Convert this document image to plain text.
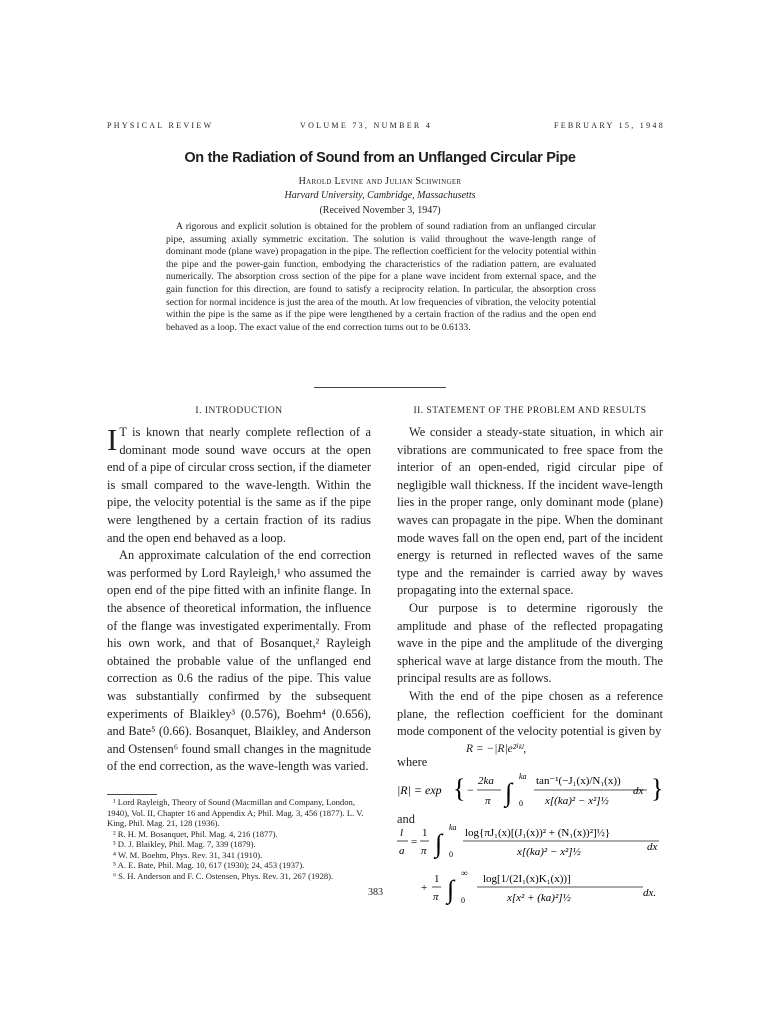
PHYSICAL REVIEW	VOLUME 73, NUMBER 4	FEBRUARY 15, 1948
On the Radiation of Sound from an Unflanged Circular Pipe
Harold Levine and Julian Schwinger
Harvard University, Cambridge, Massachusetts
(Received November 3, 1947)
A rigorous and explicit solution is obtained for the problem of sound radiation from an unflanged circular pipe, assuming axially symmetric excitation. The solution is valid throughout the wave-length range of dominant mode (plane wave) propagation in the pipe. The reflection coefficient for the velocity potential within the pipe and the power-gain function, embodying the characteristics of the radiation pattern, are evaluated numerically. The absorption cross section of the pipe for a plane wave incident from external space, and the gain function for this direction, are found to satisfy a reciprocity relation. In particular, the absorption cross section for normal incidence is just the area of the mouth. At low frequencies of vibration, the velocity potential within the pipe is the same as if the pipe were lengthened by a certain fraction of the radius and the open end behaved as a loop. The exact value of the end correction turns out to be 0.6133.
I. INTRODUCTION

I T is known that nearly complete reflection of a dominant mode sound wave occurs at the open end of a pipe of circular cross section, if the diameter is small compared to the wave-length. Within the pipe, the velocity potential is the same as if the pipe were lengthened by a certain fraction of its radius and the open end behaved as a loop.

An approximate calculation of the end correction was performed by Lord Rayleigh,¹ who assumed the open end of the pipe fitted with an infinite flange. In the absence of theoretical information, the influence of the flange was investigated experimentally. From his own work, and that of Bosanquet,² Rayleigh obtained the probable value of the unflanged end correction as 0.6 the radius of the pipe. This value was substantially confirmed by the subsequent experiments of Blaikley³ (0.576), Boehm⁴ (0.656), and Bate⁵ (0.66). Bosanquet, Blaikley, and Anderson and Ostensen⁶ found small changes in the magnitude of the end correction, as the wave-length was varied.

¹ Lord Rayleigh, Theory of Sound (Macmillan and Company, London, 1940), Vol. II, Chapter 16 and Appendix A; Phil. Mag. 3, 456 (1877). L. V. King, Phil. Mag. 21, 128 (1936).

² R. H. M. Bosanquet, Phil. Mag. 4, 216 (1877).

³ D. J. Blaikley, Phil. Mag. 7, 339 (1879).

⁴ W. M. Boehm, Phys. Rev. 31, 341 (1910).

⁵ A. E. Bate, Phil. Mag. 10, 617 (1930); 24, 453 (1937).

⁶ S. H. Anderson and F. C. Ostensen, Phys. Rev. 31, 267 (1928).

II. STATEMENT OF THE PROBLEM AND RESULTS

We consider a steady-state situation, in which air vibrations are communicated to free space from the interior of an open-ended, rigid circular pipe of negligible wall thickness. If the incident wave-length lies in the proper range, only dominant mode (plane) waves can propagate in the pipe. When the dominant mode waves fall on the open end, part of the incident energy is returned in reflected waves of the same type and the remainder is carried away by waves propagating into the external space.

Our purpose is to determine rigorously the amplitude and phase of the reflected propagating wave in the pipe and the amplitude of the diverging spherical wave at large distance from the mouth. The principal results are as follows.

With the end of the pipe chosen as a reference plane, the reflection coefficient for the dominant mode component of the velocity potential is given by

R = −|R|e²ⁱᵏˡ,
where
|R| = exp { −
2ka
π ∫
ka
0
tan⁻¹(−J₁(x)/N₁(x))
x[(ka)² − x²]½
dx }
and
l
a
=
1
π ∫
ka
0
log{πJ₁(x)[(J₁(x))² + (N₁(x))²]½}
x[(ka)² − x²]½	dx
+
1
π ∫
∞
0
log[1/(2I₁(x)K₁(x))]
x[x² + (ka)²]½	dx.
383
